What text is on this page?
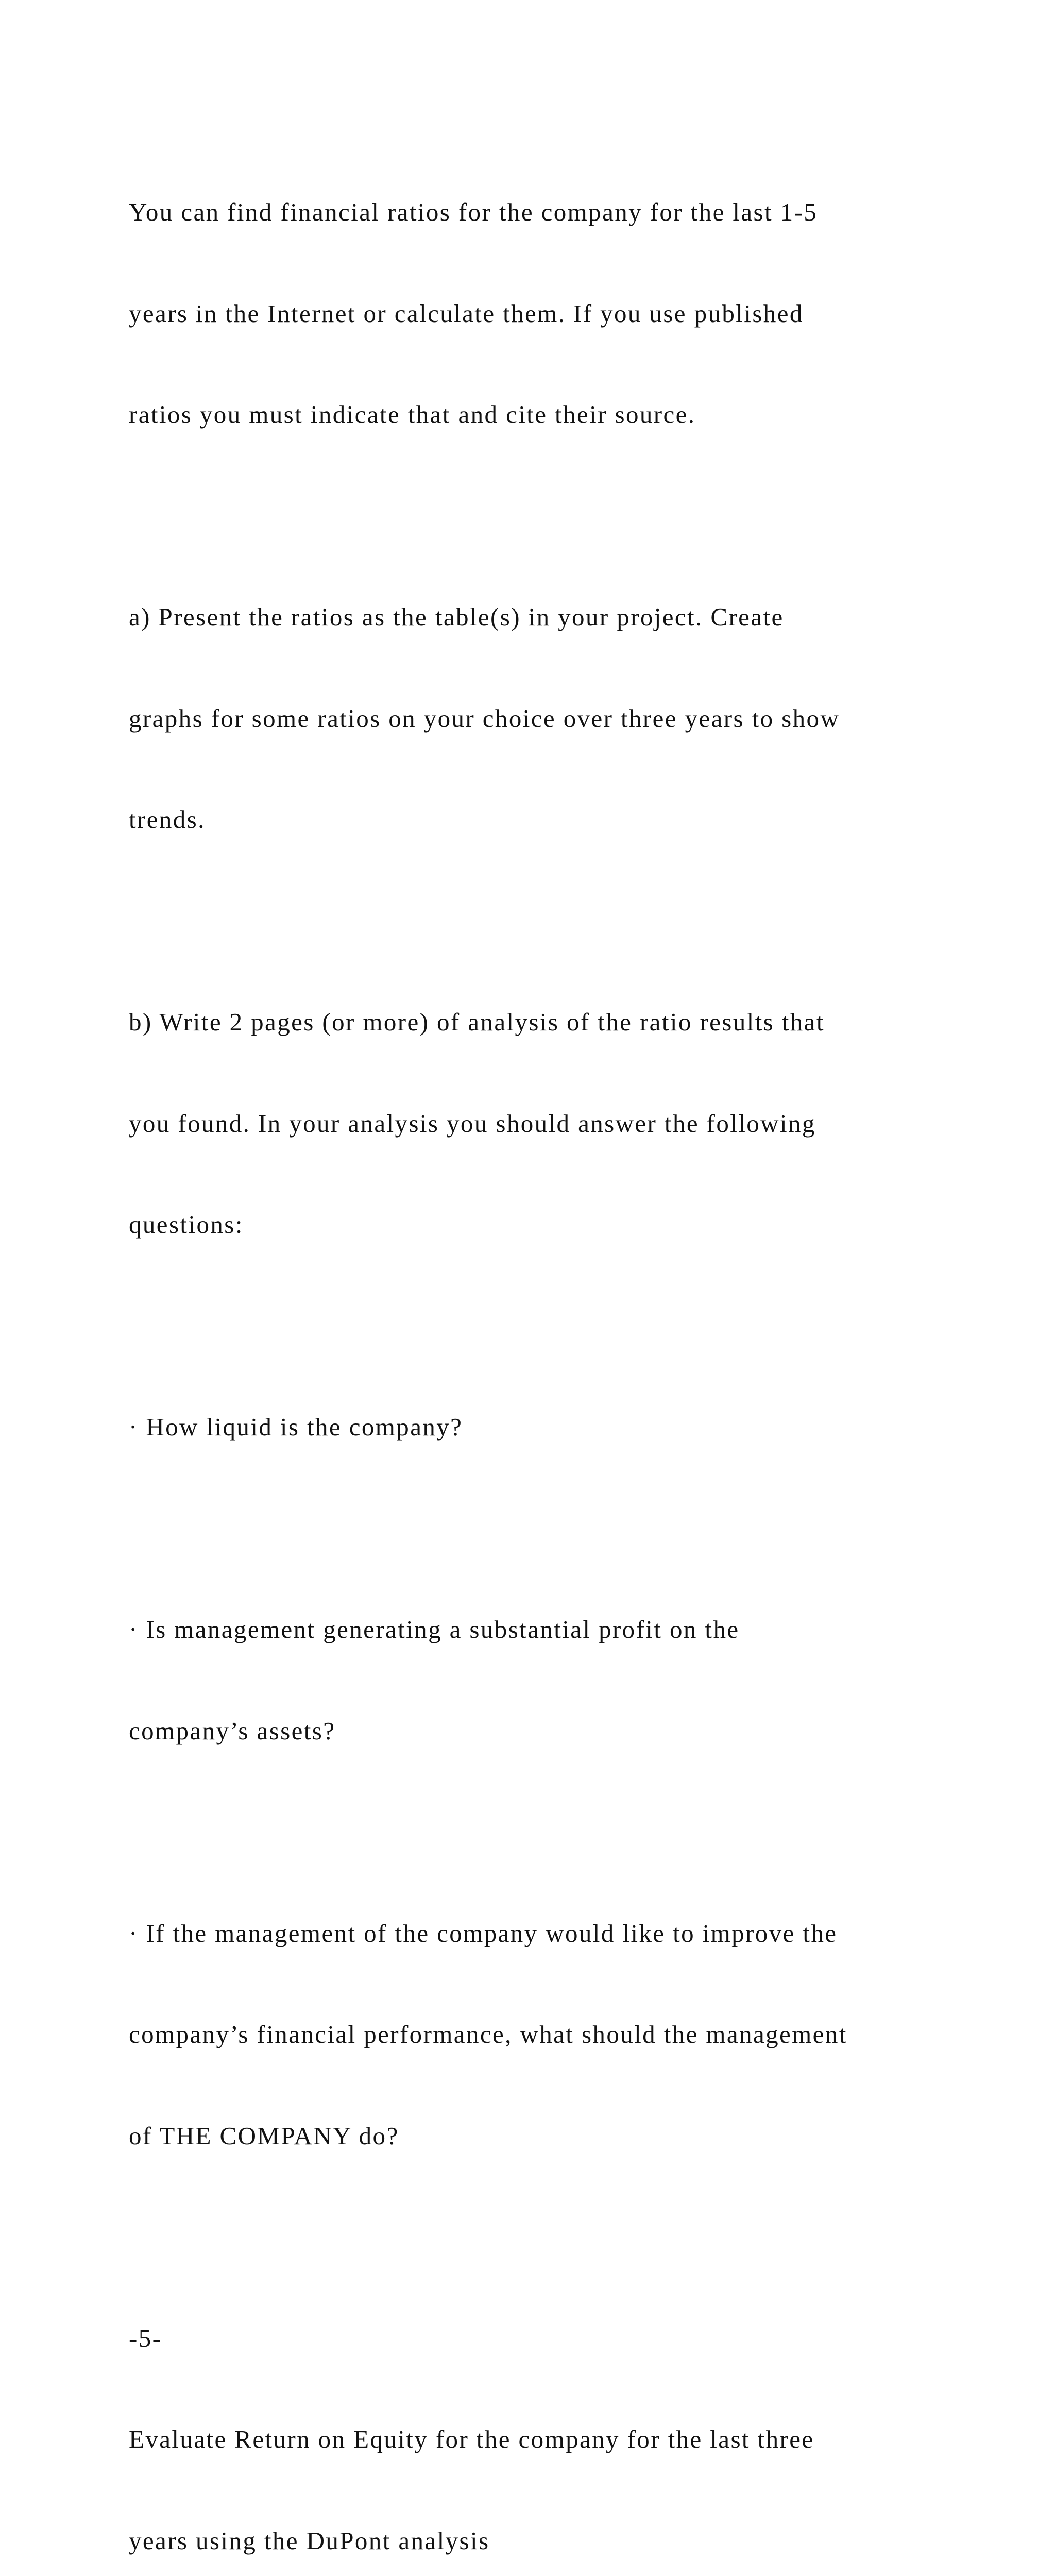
You can find financial ratios for the company for the last 1-5

years in the Internet or calculate them. If you use published

ratios you must indicate that and cite their source.

a) Present the ratios as the table(s) in your project. Create

graphs for some ratios on your choice over three years to show

trends.

b) Write 2 pages (or more) of analysis of the ratio results that

you found. In your analysis you should answer the following

questions:

· How liquid is the company?

· Is management generating a substantial profit on the

company’s assets?

· If the management of the company would like to improve the

company’s financial performance, what should the management

of THE COMPANY do?

-5-

Evaluate Return on Equity for the company for the last three

years using the DuPont analysis
